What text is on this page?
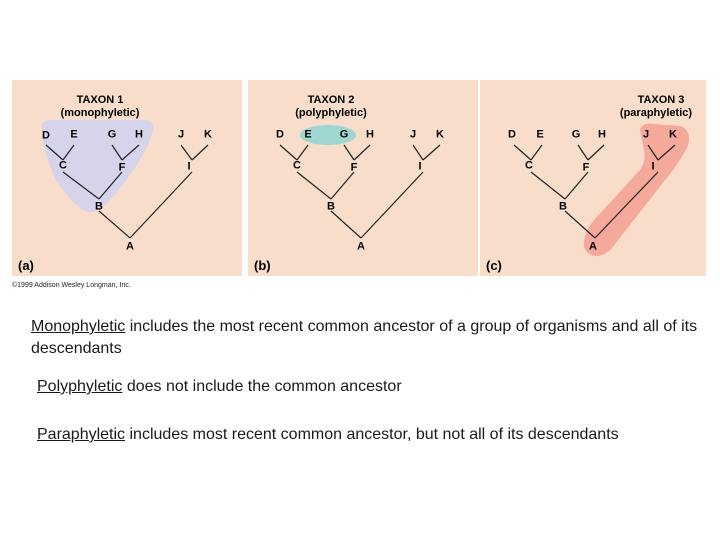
TAXON 1
(monophyletic)
D E	G H	J K
C	F	I
B
A
(a)
TAXON 2
(polyphyletic)
D E	G H	J K
C	F	I
B
A
(b)
TAXON 3
(paraphyletic)
D E	G H	J K
C	F	I
B
A
(c)
©1999 Addison Wesley Longman, Inc.
Monophyletic includes the most recent common ancestor of a group of organisms and all of its descendants
Polyphyletic does not include the common ancestor
Paraphyletic includes most recent common ancestor, but not all of its descendants
